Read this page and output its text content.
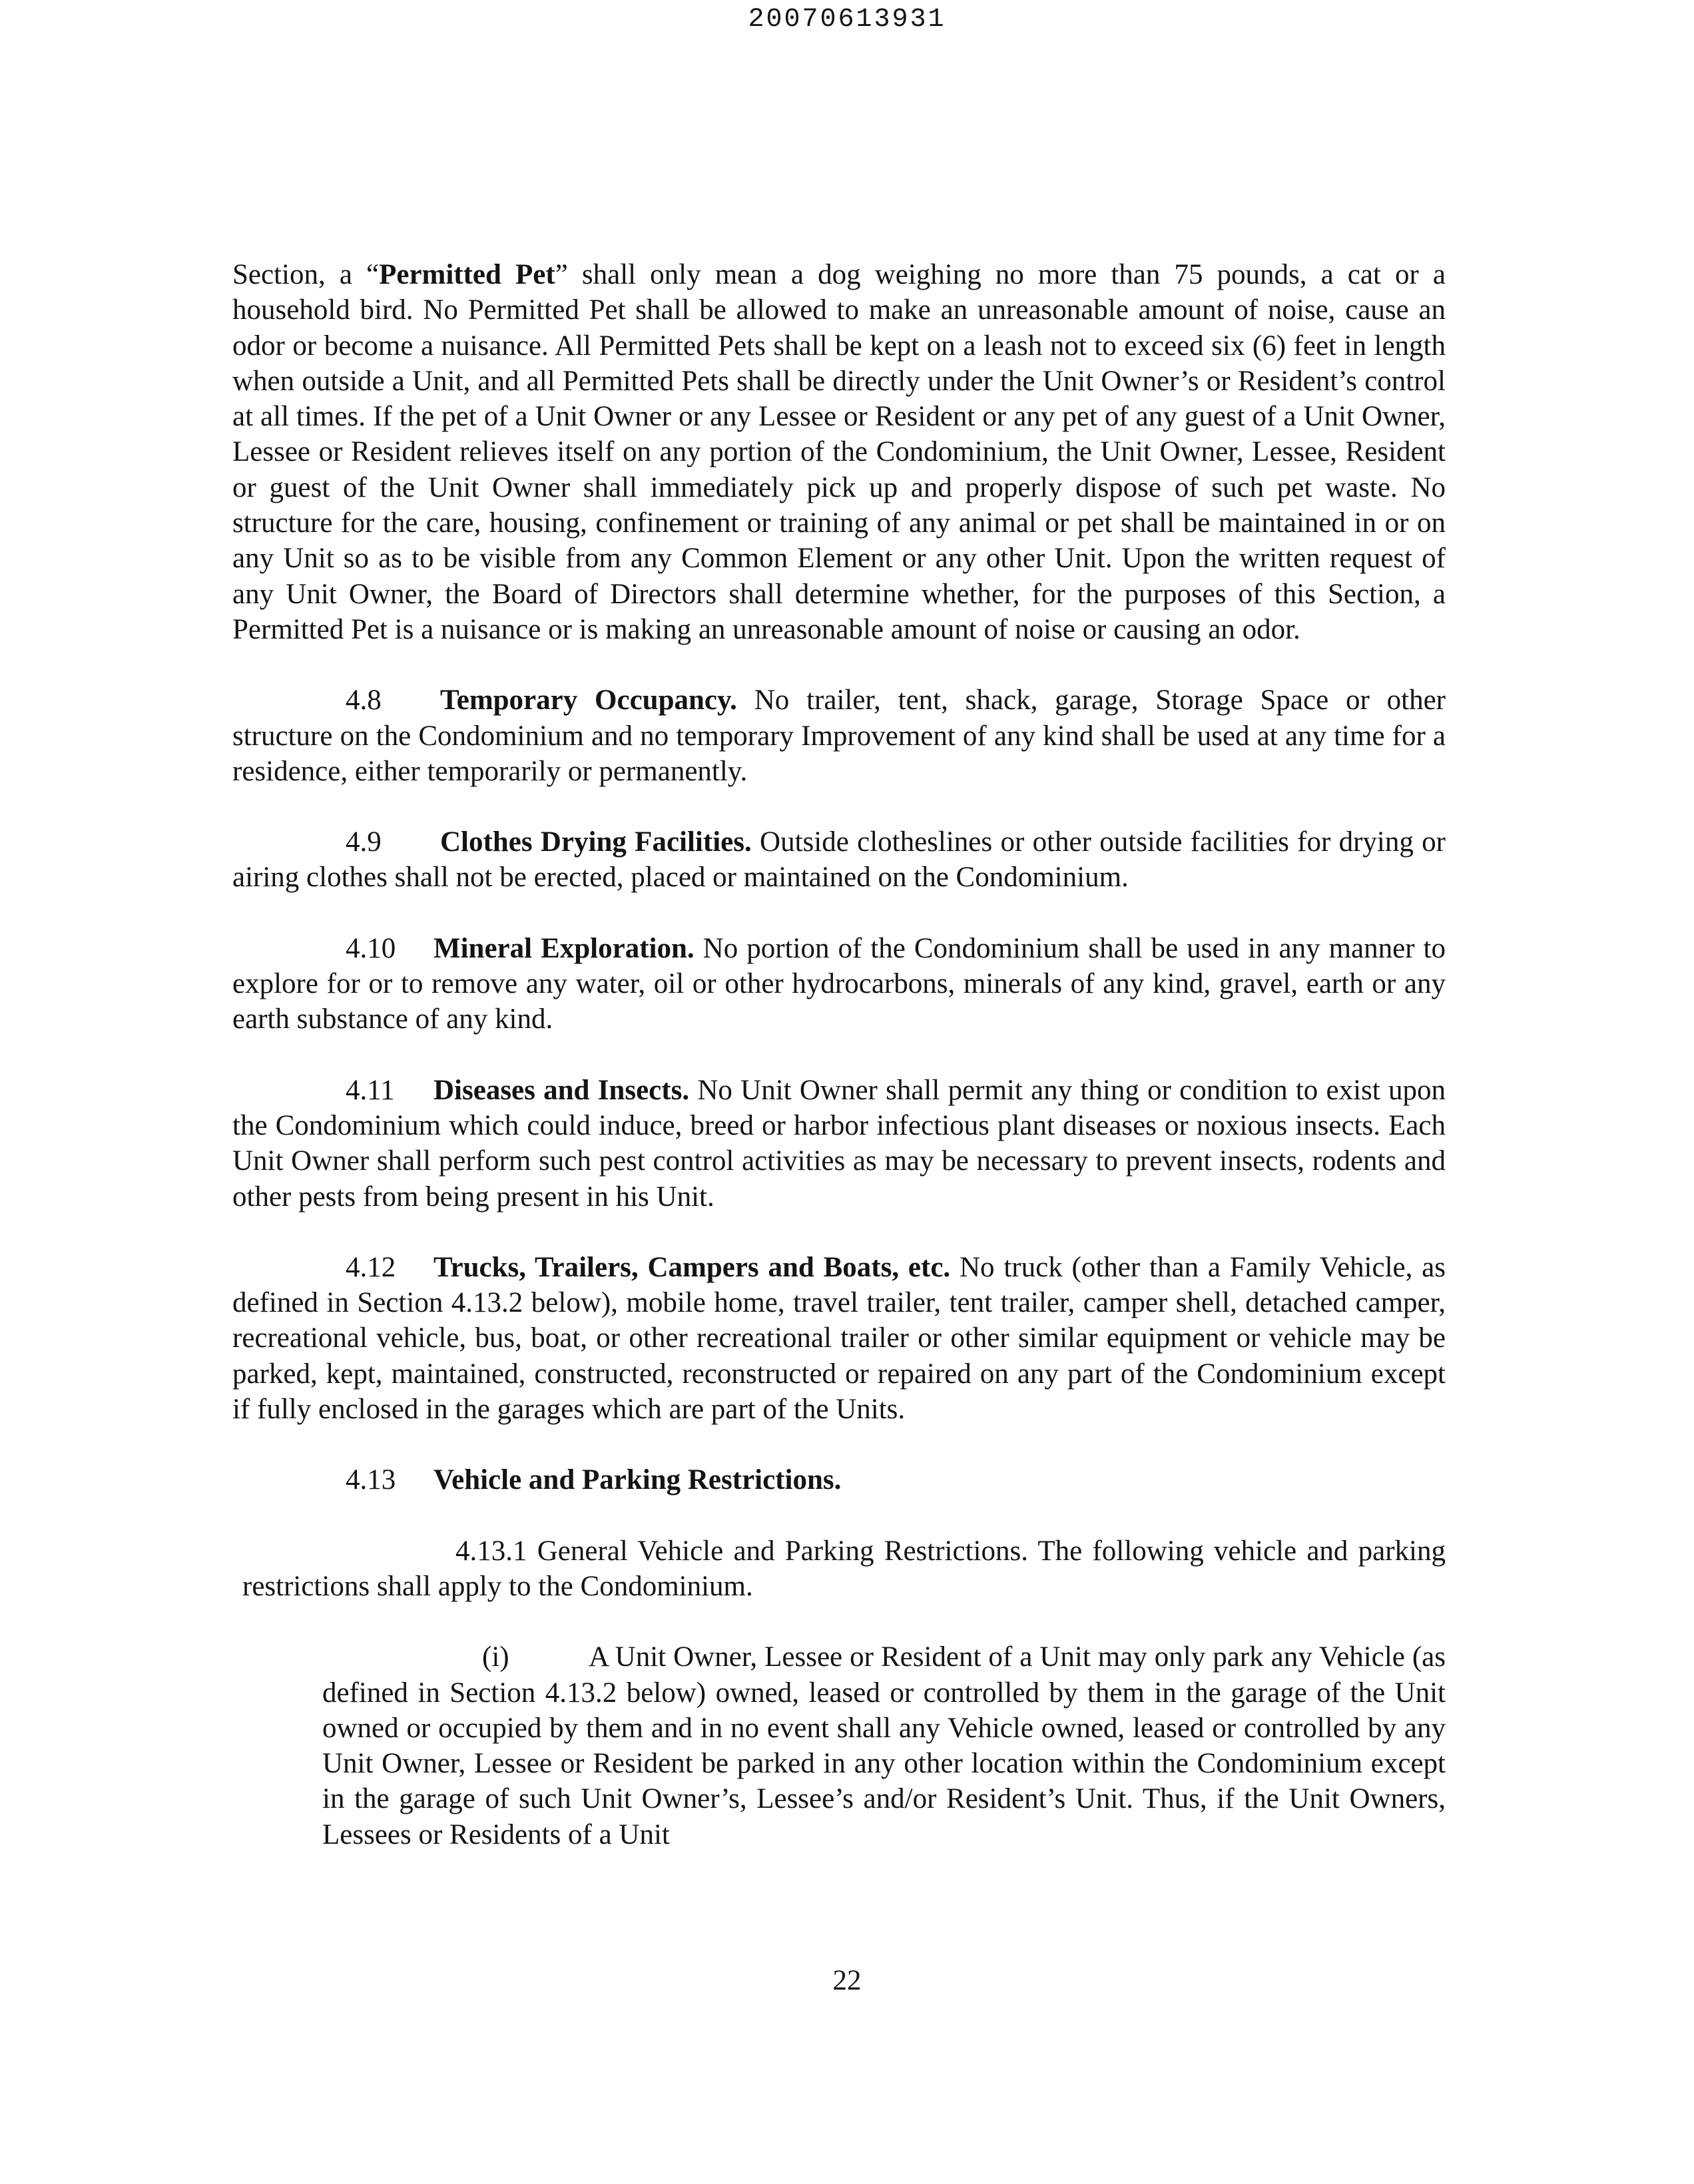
20070613931

Section, a “Permitted Pet” shall only mean a dog weighing no more than 75 pounds, a cat or a household bird. No Permitted Pet shall be allowed to make an unreasonable amount of noise, cause an odor or become a nuisance. All Permitted Pets shall be kept on a leash not to exceed six (6) feet in length when outside a Unit, and all Permitted Pets shall be directly under the Unit Owner’s or Resident’s control at all times. If the pet of a Unit Owner or any Lessee or Resident or any pet of any guest of a Unit Owner, Lessee or Resident relieves itself on any portion of the Condominium, the Unit Owner, Lessee, Resident or guest of the Unit Owner shall immediately pick up and properly dispose of such pet waste. No structure for the care, housing, confinement or training of any animal or pet shall be maintained in or on any Unit so as to be visible from any Common Element or any other Unit. Upon the written request of any Unit Owner, the Board of Directors shall determine whether, for the purposes of this Section, a Permitted Pet is a nuisance or is making an unreasonable amount of noise or causing an odor.

4.8 Temporary Occupancy. No trailer, tent, shack, garage, Storage Space or other structure on the Condominium and no temporary Improvement of any kind shall be used at any time for a residence, either temporarily or permanently.

4.9 Clothes Drying Facilities. Outside clotheslines or other outside facilities for drying or airing clothes shall not be erected, placed or maintained on the Condominium.

4.10 Mineral Exploration. No portion of the Condominium shall be used in any manner to explore for or to remove any water, oil or other hydrocarbons, minerals of any kind, gravel, earth or any earth substance of any kind.

4.11 Diseases and Insects. No Unit Owner shall permit any thing or condition to exist upon the Condominium which could induce, breed or harbor infectious plant diseases or noxious insects. Each Unit Owner shall perform such pest control activities as may be necessary to prevent insects, rodents and other pests from being present in his Unit.

4.12 Trucks, Trailers, Campers and Boats, etc. No truck (other than a Family Vehicle, as defined in Section 4.13.2 below), mobile home, travel trailer, tent trailer, camper shell, detached camper, recreational vehicle, bus, boat, or other recreational trailer or other similar equipment or vehicle may be parked, kept, maintained, constructed, reconstructed or repaired on any part of the Condominium except if fully enclosed in the garages which are part of the Units.

4.13 Vehicle and Parking Restrictions.

4.13.1 General Vehicle and Parking Restrictions. The following vehicle and parking restrictions shall apply to the Condominium.

(i)	A Unit Owner, Lessee or Resident of a Unit may only park any Vehicle (as defined in Section 4.13.2 below) owned, leased or controlled by them in the garage of the Unit owned or occupied by them and in no event shall any Vehicle owned, leased or controlled by any Unit Owner, Lessee or Resident be parked in any other location within the Condominium except in the garage of such Unit Owner’s, Lessee’s and/or Resident’s Unit. Thus, if the Unit Owners, Lessees or Residents of a Unit

22
